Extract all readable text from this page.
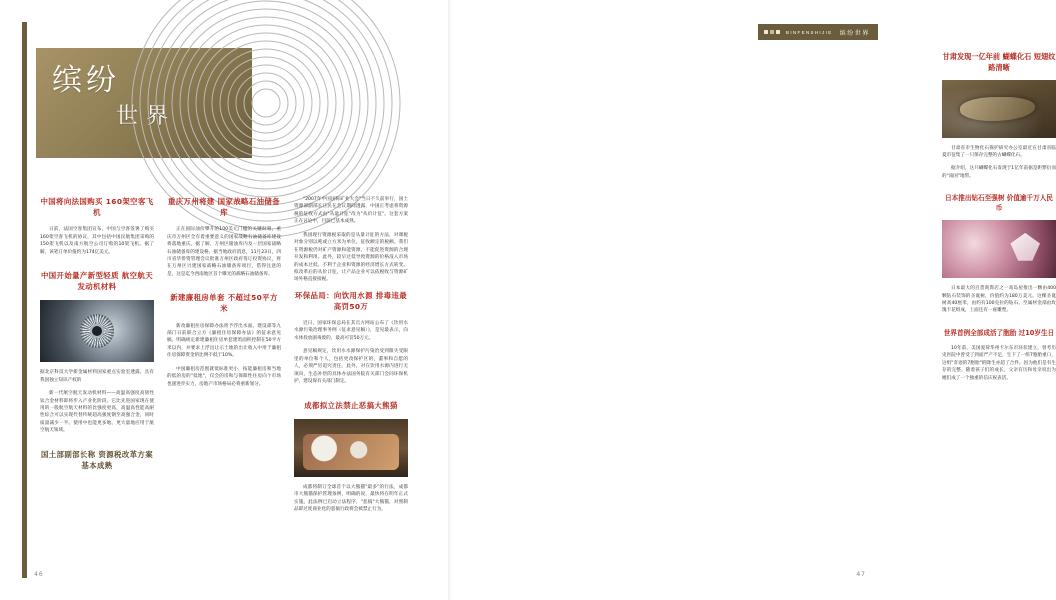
缤纷
世界
中国将向法国购买 160架空客飞机

日前，法国空客集团宣布，中国与空客签署了购买160架空客飞机的协议，其中包括中国民航集团采购的150架飞机以及南方航空公司订购的10架飞机。据了解，该笔订单价值约为174亿美元。

中国开始量产新型轻质 航空航天发动机材料

据北京科技大学新金属材料国家重点实验室透露，具有我国独立知识产权的

新一代航空航天发动机材料——高温高强度高韧性钛合金材料即将步入产业化阶段。它比先进国家现在使用的一般航空航天材料的比强度更高，高温高性能高耐性综合可以实现代替传统超高强度钢至高强合金，同时质量减少一半。使用中也能更多地、更大量地应用于航空航天领域。

国土部副部长称 资源税改革方案基本成熟
重庆万州将建 国家战略石油储备库

正在国际油价攀升的100美元门槛的关键时刻，重庆市万州区全有着重要意义的国家战略石油储备库建设将落地重庆。据了解，万州区储油库内及一层国家战略石油储备库的建设格，据当地政府消息，11月23日，四川省华侨资管理会议批准万州区政府签订投资协议，将在万州区兴建国家战略石油储备库项目，借得注意的是，这是迄今西南地区首个曝光的战略石油储备库。

新建廉租房单套 不超过50平方米

新改廉租住房保障办法将予浮出水面。建设部等九部门日前联合立方《廉租住房保障办法》的征求意见稿，明确规定新建廉租住房单套建筑面积控制在50平方米以内，并要求上浮出让示土地的出让收入中用于廉租住房保障资金的比例不低于10%。

中国廉租房范围就低标准更小，按能廉租房和当地的低的房的"低地"，仅会的房和与保障性住房向个市场也递进步实力，房地产市场格局必将重新划分。

"2007年中国国际矿业大会"当日不久前举行，国土资源部副部长汪民在会议期间透露，中国正考虑将资源税的征收方式由"从量计征"改为"从价计征"。这套方案正在讨论中，目前已基本成熟。

我国现行资源税采取的是从量计征的方法，对课税对象分别以吨或立方米为单位，征收额定的税额。我们在资源税仍对矿产资源和能资源，不能促进资源的合理开发和利用。此外，较早过低导致资源的价格没入市场的成本过低，不利于企业和资源的经济增长方式转变。拟改革后的从价计征，让产品企业可以依税收与资源矿场外格直接接税。

环保品局：向饮用水源 排毒违最高罚50万

近日，国家环保总局在其官方网站公布了《饮用水水源污染治理事务例（征求意见稿）》，是见最表示，向水体投放剧毒废的，最高可罚50万元。

意见稿规定，饮用水水源保护污染治受到限失受限里的单位和个人，包括更改保护区的，董事和自愿的人，必须严厉追究责任。此外，对在饮用水源内进行无项向，生态补偿的具体办法国务院有关部门会同环保机护，建设保有关部门制定。

成都拟立法禁止恶搞大熊猫

成都将制订全球首个以大熊猫"最多"的行法，成都市大熊猫保护管理条例，明确的说，最快将在明年正式实施。此法例已启动立法程序，"恶搞"大熊猫，对照制品即过度商业化的恶搞行政将会被禁止行为。

46
BINFENSHIJIE 缤纷世界
甘肃发现一亿年前 蝴蝶化石 短翅纹路清晰

甘肃省市生物化石保护研究办公室最近在甘肃省临夏市征集了一只保存完整的古蝴蝶化石。

据介绍，这只蝴蝶化石发现于1亿年前据是距繁衍而的"南国"地带。

日本推出钻石至强树 价值逾千万人民币

日本最大的百货商饰店之一高岛屋推出一颗由400颗钻石装饰的圣诞树，价值约为180万美元。这棵圣诞树高40厘米，由约有100克拉的钻石、至属材金部由玫瑰卡花组成，上面还有一座雕塑。

世界首例全部成活了胞胎 过10岁生日

10年前，美国爱荷华州卡尔东市环状建立，曾考历史医院中曾受了到面严产不足，生下了一组7胞胎重口，这组"奇迹的7胞胎"的降生亦超了合件。因为他们是有生存的完整。随着孩子们的成长，父亲有历和母亲说出为她们成了一个独重的信庆祝表活。

47
